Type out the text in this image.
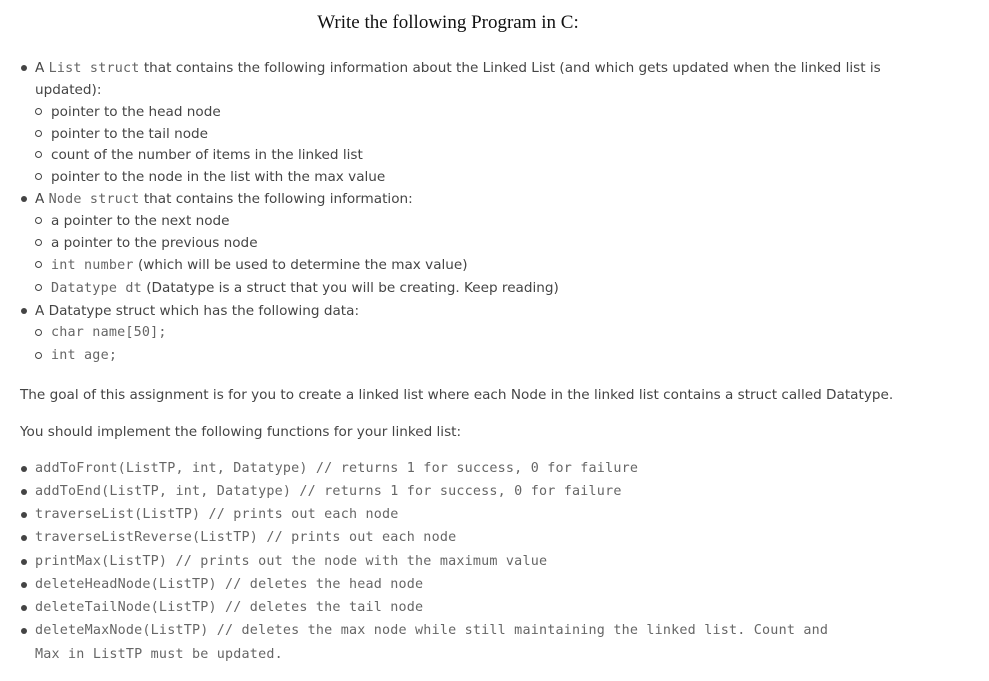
Write the following Program in C:
A List struct that contains the following information about the Linked List (and which gets updated when the linked list is
updated):
pointer to the head node
pointer to the tail node
count of the number of items in the linked list
pointer to the node in the list with the max value
A Node struct that contains the following information:
a pointer to the next node
a pointer to the previous node
int number (which will be used to determine the max value)
Datatype dt (Datatype is a struct that you will be creating. Keep reading)
A Datatype struct which has the following data:
char name[50];
int age;
The goal of this assignment is for you to create a linked list where each Node in the linked list contains a struct called Datatype.
You should implement the following functions for your linked list:
addToFront(ListTP, int, Datatype) // returns 1 for success, 0 for failure
addToEnd(ListTP, int, Datatype) // returns 1 for success, 0 for failure
traverseList(ListTP) // prints out each node
traverseListReverse(ListTP) // prints out each node
printMax(ListTP) // prints out the node with the maximum value
deleteHeadNode(ListTP) // deletes the head node
deleteTailNode(ListTP) // deletes the tail node
deleteMaxNode(ListTP) // deletes the max node while still maintaining the linked list. Count and
Max in ListTP must be updated.
